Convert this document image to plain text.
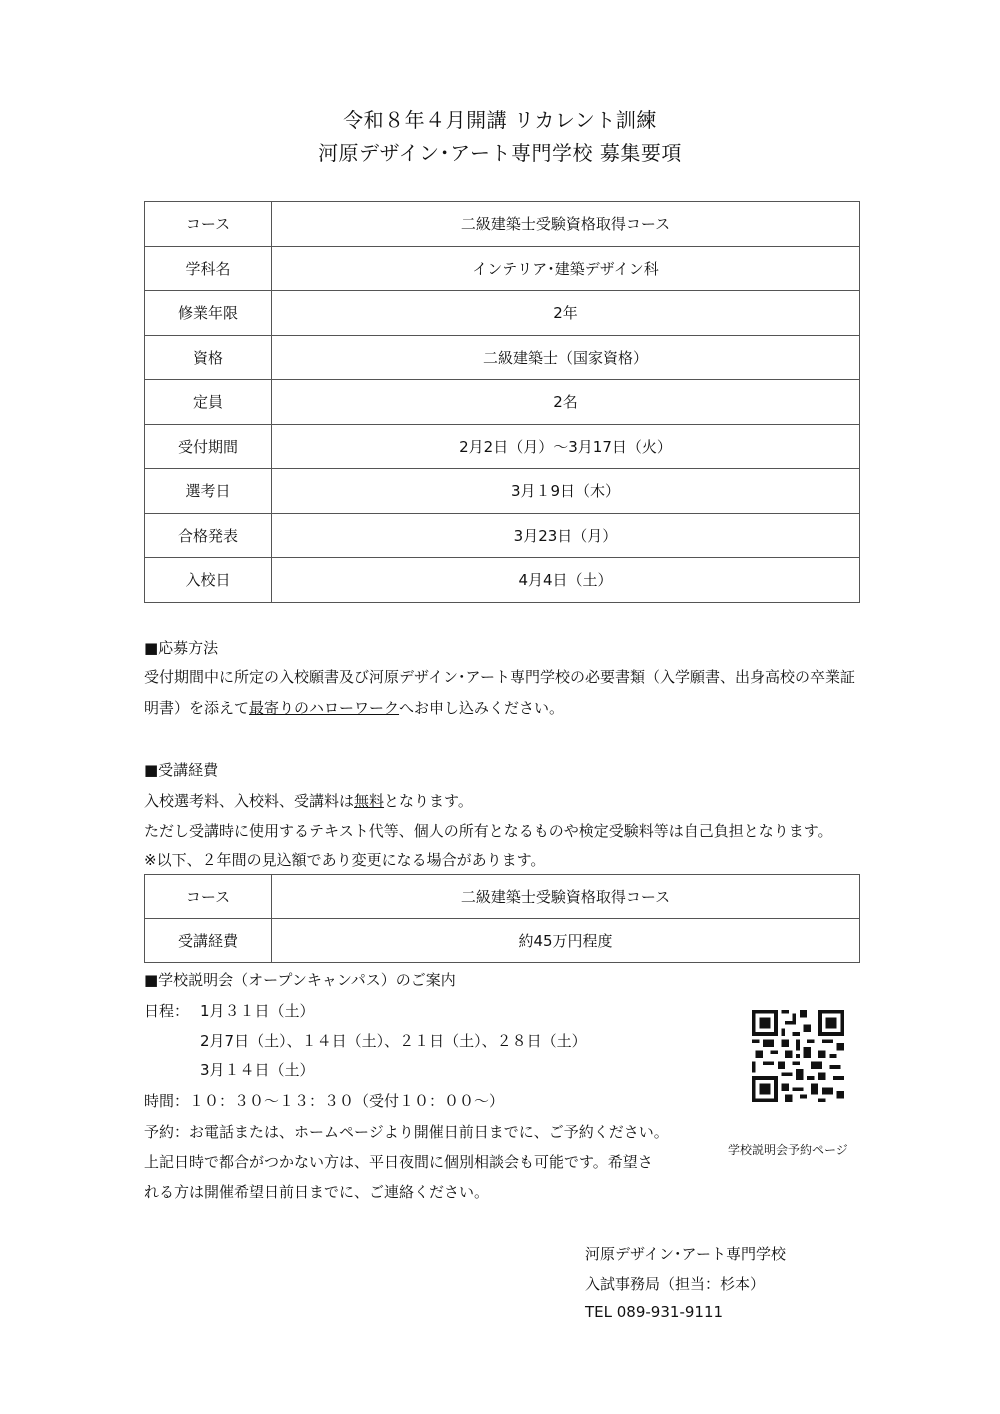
令和８年４月開講 リカレント訓練
河原デザイン･アート専門学校 募集要項
コース	二級建築士受験資格取得コース
学科名	インテリア･建築デザイン科
修業年限	2年
資格	二級建築士（国家資格）
定員	2名
受付期間	2月2日（月）～3月17日（火）
選考日	3月１9日（木）
合格発表	3月23日（月）
入校日	4月4日（土）
■応募方法
受付期間中に所定の入校願書及び河原デザイン･アート専門学校の必要書類（入学願書、出身高校の卒業証明書）を添えて最寄りのハローワークへお申し込みください。
■受講経費
入校選考料、入校料、受講料は無料となります。
ただし受講時に使用するテキスト代等、個人の所有となるものや検定受験料等は自己負担となります。
※以下、２年間の見込額であり変更になる場合があります。
コース	二級建築士受験資格取得コース
受講経費	約45万円程度
■学校説明会（オープンキャンパス）のご案内
日程： 1月３１日（土）
2月7日（土）、１４日（土）、２１日（土）、２８日（土）
3月１４日（土）
時間：１０：３０～１３：３０（受付１０：００～）
予約：お電話または、ホームページより開催日前日までに、ご予約ください。
上記日時で都合がつかない方は、平日夜間に個別相談会も可能です。希望さ
れる方は開催希望日前日までに、ご連絡ください。
学校説明会予約ページ
河原デザイン･アート専門学校
入試事務局（担当：杉本）
TEL 089-931-9111
